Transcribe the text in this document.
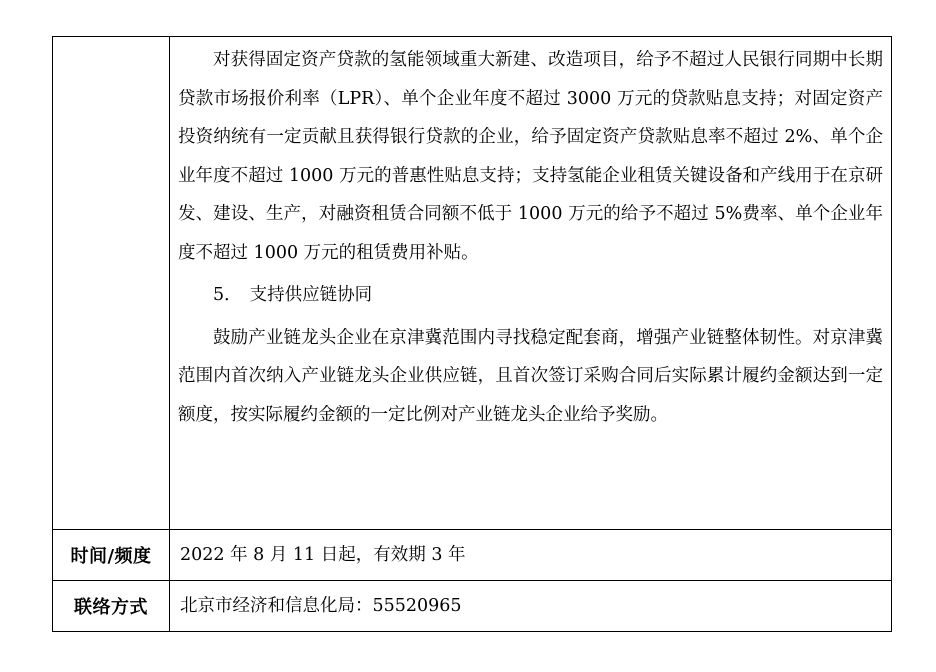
	对获得固定资产贷款的氢能领域重大新建、改造项目，给予不超过人民银行同期中长期贷款市场报价利率（LPR）、单个企业年度不超过 3000 万元的贷款贴息支持；对固定资产投资纳统有一定贡献且获得银行贷款的企业，给予固定资产贷款贴息率不超过 2%、单个企业年度不超过 1000 万元的普惠性贴息支持；支持氢能企业租赁关键设备和产线用于在京研发、建设、生产，对融资租赁合同额不低于 1000 万元的给予不超过 5%费率、单个企业年度不超过 1000 万元的租赁费用补贴。

5． 支持供应链协同

鼓励产业链龙头企业在京津冀范围内寻找稳定配套商，增强产业链整体韧性。对京津冀范围内首次纳入产业链龙头企业供应链，且首次签订采购合同后实际累计履约金额达到一定额度，按实际履约金额的一定比例对产业链龙头企业给予奖励。

时间/频度	2022 年 8 月 11 日起，有效期 3 年

联络方式	北京市经济和信息化局：55520965
